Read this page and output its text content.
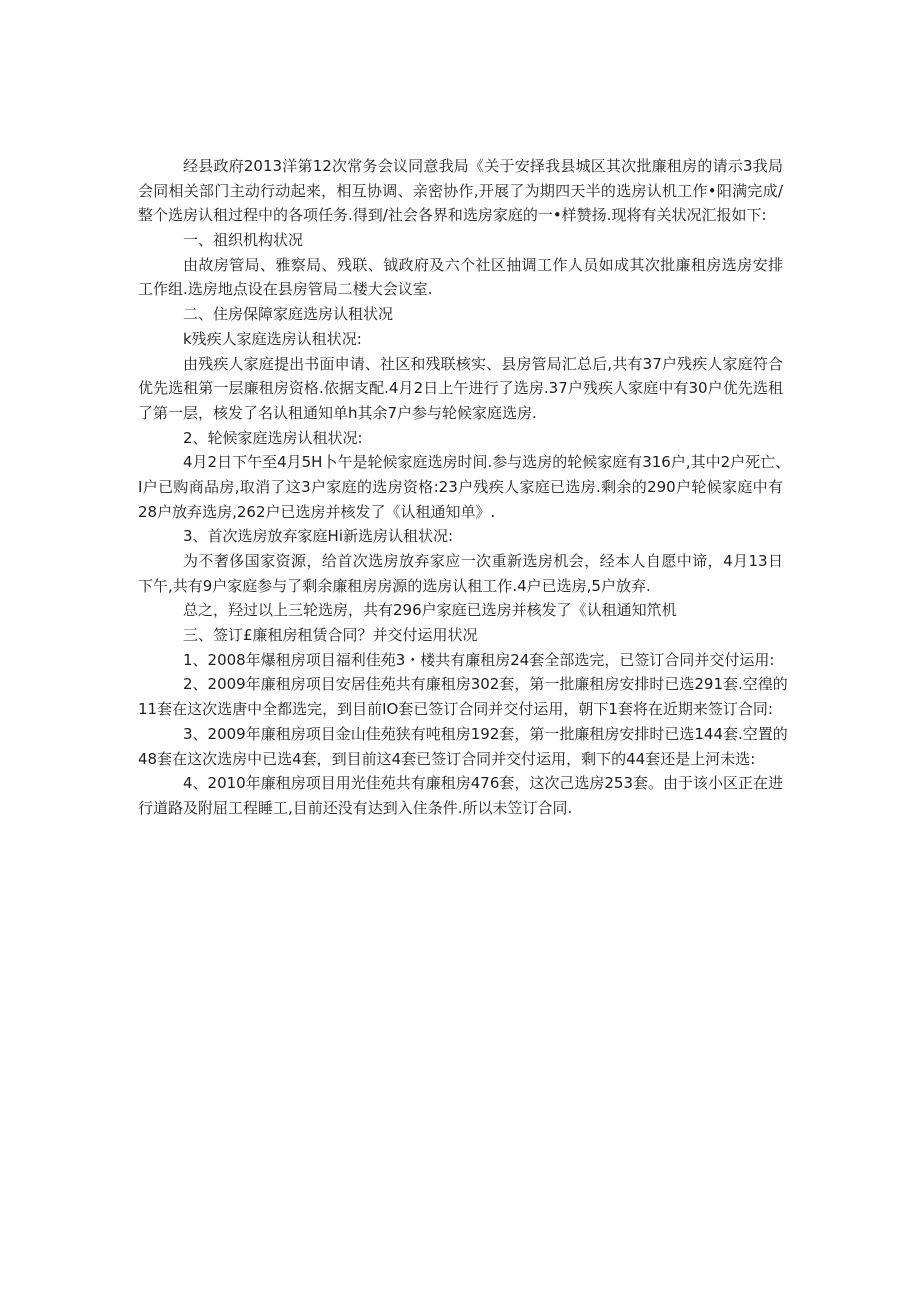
经县政府2013洋第12次常务会议同意我局《关于安择我县城区其次批廉租房的请示3我局
会同相关部门主动行动起来，相互协调、亲密协作,开展了为期四天半的选房认机工作•阳满完成/
整个选房认租过程中的各项任务.得到/社会各界和选房家庭的一•样赞扬.现将有关状况汇报如下:
一、祖织机构状况
由故房管局、雅察局、残联、钺政府及六个社区抽调工作人员如成其次批廉租房选房安排
工作组.选房地点设在县房管局二楼大会议室.
二、住房保障家庭选房认租状况
k残疾人家庭选房认租状况:
由残疾人家庭提出书面申请、社区和残联核实、县房管局汇总后,共有37户残疾人家庭符合
优先选租第一层廉租房资格.依据支配.4月2日上午进行了选房.37户残疾人家庭中有30户优先选租
了第一层，核发了名认租通知单h其余7户参与轮候家庭选房.
2、轮候家庭选房认租状况:
4月2日下午至4月5H卜午是轮候家庭选房时间.参与选房的轮候家庭有316户,其中2户死亡、
I户已购商品房,取消了这3户家庭的选房资格:23户残疾人家庭已选房.剩余的290户轮候家庭中有
28户放弃选房,262户已选房并核发了《认租通知单》.
3、首次选房放弃家庭Hi新选房认租状况:
为不奢侈国家资源，给首次选房放弃家应一次重新选房机会，经本人自愿中谛，4月13日
下午,共有9户家庭参与了剩余廉租房房源的选房认租工作.4户已选房,5户放弃.
总之，羟过以上三轮选房，共有296户家庭已选房并核发了《认租通知笊机
三、签订£廉租房租赁合同？并交付运用状况
1、2008年爆租房项目福利佳苑3・楼共有廉租房24套全部选完，已签订合同并交付运用:
2、2009年廉租房项目安居佳苑共有廉租房302套，第一批廉租房安排时已选291套.空徨的
11套在这次选唐中全都选完，到目前IO套已签订合同并交付运用，朝下1套将在近期来签订合同:
3、2009年廉租房项目金山佳苑狭有吨租房192套，第一批廉租房安排时已选144套.空置的
48套在这次选房中已选4套，到目前这4套已签订合同并交付运用，剩下的44套还是上河未选:
4、2010年廉租房项目用光佳苑共有廉租房476套，这次己选房253套。由于该小区正在进
行道路及附屈工程睡工,目前还没有达到入住条件.所以未笠订合同.
